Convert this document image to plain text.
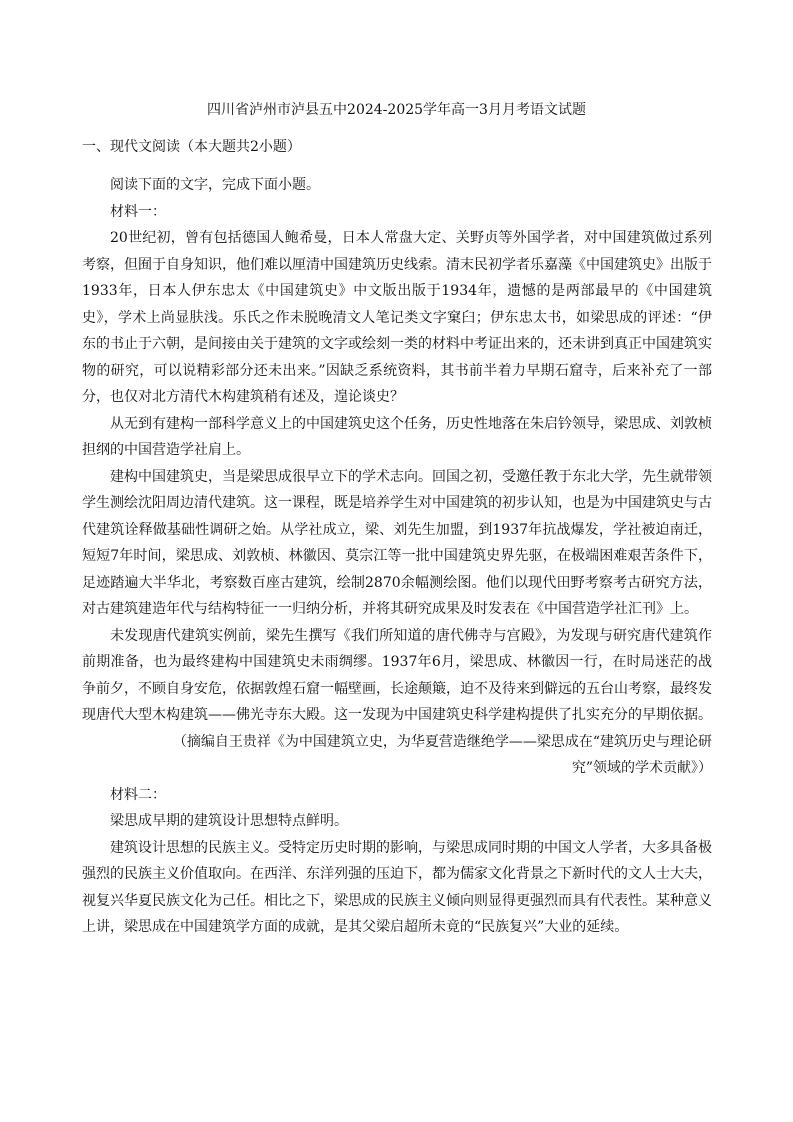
四川省泸州市泸县五中2024-2025学年高一3月月考语文试题
一、现代文阅读（本大题共2小题）

阅读下面的文字，完成下面小题。

材料一：

20世纪初，曾有包括德国人鲍希曼，日本人常盘大定、关野贞等外国学者，对中国建筑做过系列考察，但囿于自身知识，他们难以厘清中国建筑历史线索。清末民初学者乐嘉藻《中国建筑史》出版于1933年，日本人伊东忠太《中国建筑史》中文版出版于1934年，遗憾的是两部最早的《中国建筑史》，学术上尚显肤浅。乐氏之作未脱晚清文人笔记类文字窠臼；伊东忠太书，如梁思成的评述：“伊东的书止于六朝，是间接由关于建筑的文字或绘刻一类的材料中考证出来的，还未讲到真正中国建筑实物的研究，可以说精彩部分还未出来。”因缺乏系统资料，其书前半着力早期石窟寺，后来补充了一部分，也仅对北方清代木构建筑稍有述及，遑论谈史？

从无到有建构一部科学意义上的中国建筑史这个任务，历史性地落在朱启钤领导，梁思成、刘敦桢担纲的中国营造学社肩上。

建构中国建筑史，当是梁思成很早立下的学术志向。回国之初，受邀任教于东北大学，先生就带领学生测绘沈阳周边清代建筑。这一课程，既是培养学生对中国建筑的初步认知，也是为中国建筑史与古代建筑诠释做基础性调研之始。从学社成立，梁、刘先生加盟，到1937年抗战爆发，学社被迫南迁，短短7年时间，梁思成、刘敦桢、林徽因、莫宗江等一批中国建筑史界先驱，在极端困难艰苦条件下，足迹踏遍大半华北，考察数百座古建筑，绘制2870余幅测绘图。他们以现代田野考察考古研究方法，对古建筑建造年代与结构特征一一归纳分析，并将其研究成果及时发表在《中国营造学社汇刊》上。

未发现唐代建筑实例前，梁先生撰写《我们所知道的唐代佛寺与宫殿》，为发现与研究唐代建筑作前期准备，也为最终建构中国建筑史未雨绸缪。1937年6月，梁思成、林徽因一行，在时局迷茫的战争前夕，不顾自身安危，依据敦煌石窟一幅壁画，长途颠簸，迫不及待来到僻远的五台山考察，最终发现唐代大型木构建筑——佛光寺东大殿。这一发现为中国建筑史科学建构提供了扎实充分的早期依据。

（摘编自王贵祥《为中国建筑立史，为华夏营造继绝学——梁思成在“建筑历史与理论研究”领域的学术贡献》）

材料二：

梁思成早期的建筑设计思想特点鲜明。

建筑设计思想的民族主义。受特定历史时期的影响，与梁思成同时期的中国文人学者，大多具备极强烈的民族主义价值取向。在西洋、东洋列强的压迫下，都为儒家文化背景之下新时代的文人士大夫，视复兴华夏民族文化为己任。相比之下，梁思成的民族主义倾向则显得更强烈而具有代表性。某种意义上讲，梁思成在中国建筑学方面的成就，是其父梁启超所未竟的“民族复兴”大业的延续。
